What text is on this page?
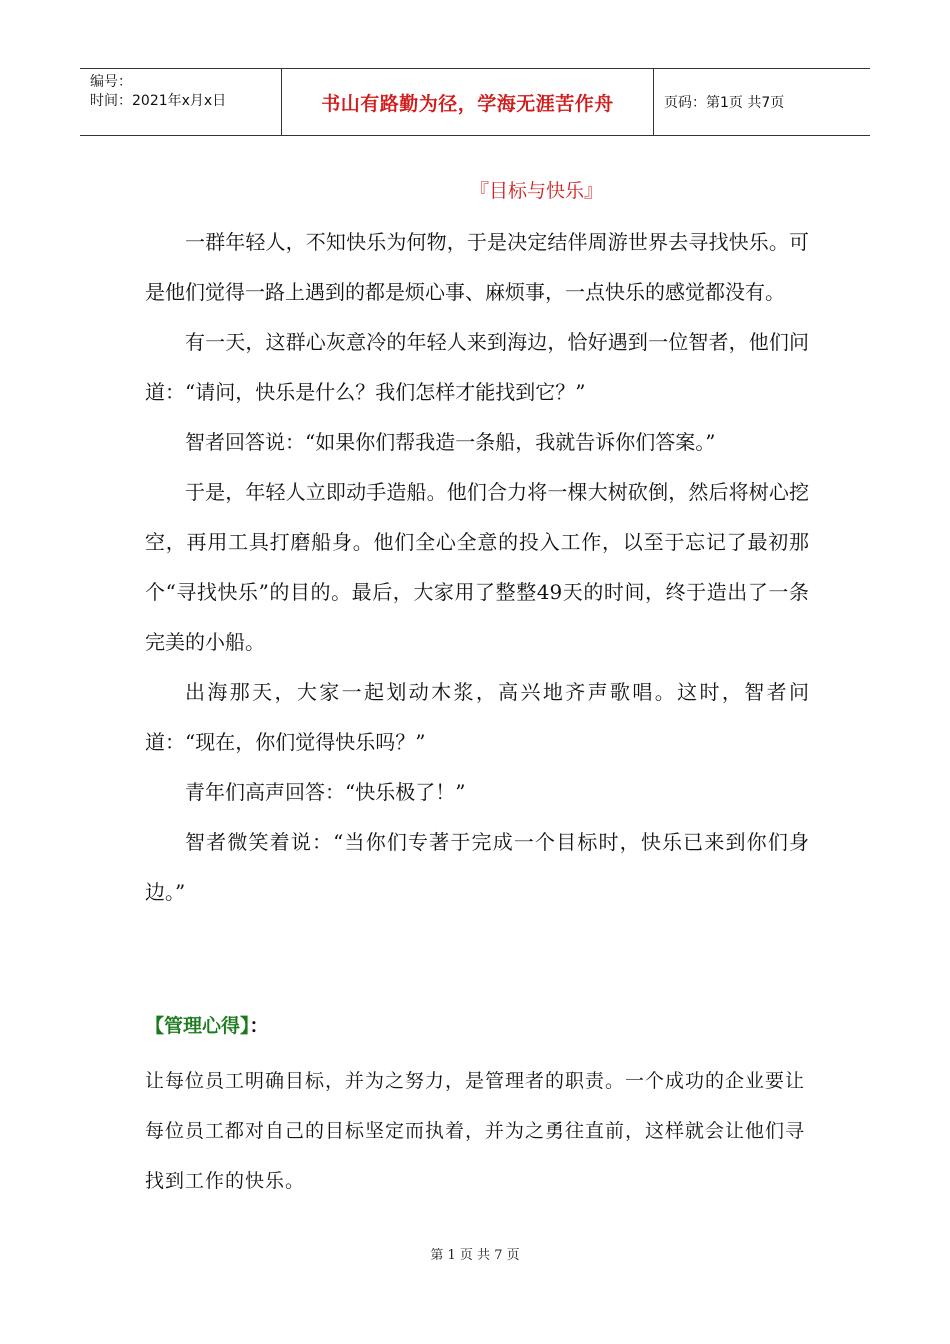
编号：
时间：2021年x月x日	书山有路勤为径，学海无涯苦作舟	页码：第1页 共7页
『目标与快乐』

一群年轻人，不知快乐为何物，于是决定结伴周游世界去寻找快乐。可是他们觉得一路上遇到的都是烦心事、麻烦事，一点快乐的感觉都没有。

有一天，这群心灰意冷的年轻人来到海边，恰好遇到一位智者，他们问道：“请问，快乐是什么？我们怎样才能找到它？”

智者回答说：“如果你们帮我造一条船，我就告诉你们答案。”

于是，年轻人立即动手造船。他们合力将一棵大树砍倒，然后将树心挖空，再用工具打磨船身。他们全心全意的投入工作，以至于忘记了最初那个“寻找快乐”的目的。最后，大家用了整整49天的时间，终于造出了一条完美的小船。

出海那天，大家一起划动木浆，高兴地齐声歌唱。这时，智者问道：“现在，你们觉得快乐吗？”

青年们高声回答：“快乐极了！”

智者微笑着说：“当你们专著于完成一个目标时，快乐已来到你们身边。”

【管理心得】：

让每位员工明确目标，并为之努力，是管理者的职责。一个成功的企业要让每位员工都对自己的目标坚定而执着，并为之勇往直前，这样就会让他们寻找到工作的快乐。

第 1 页 共 7 页
